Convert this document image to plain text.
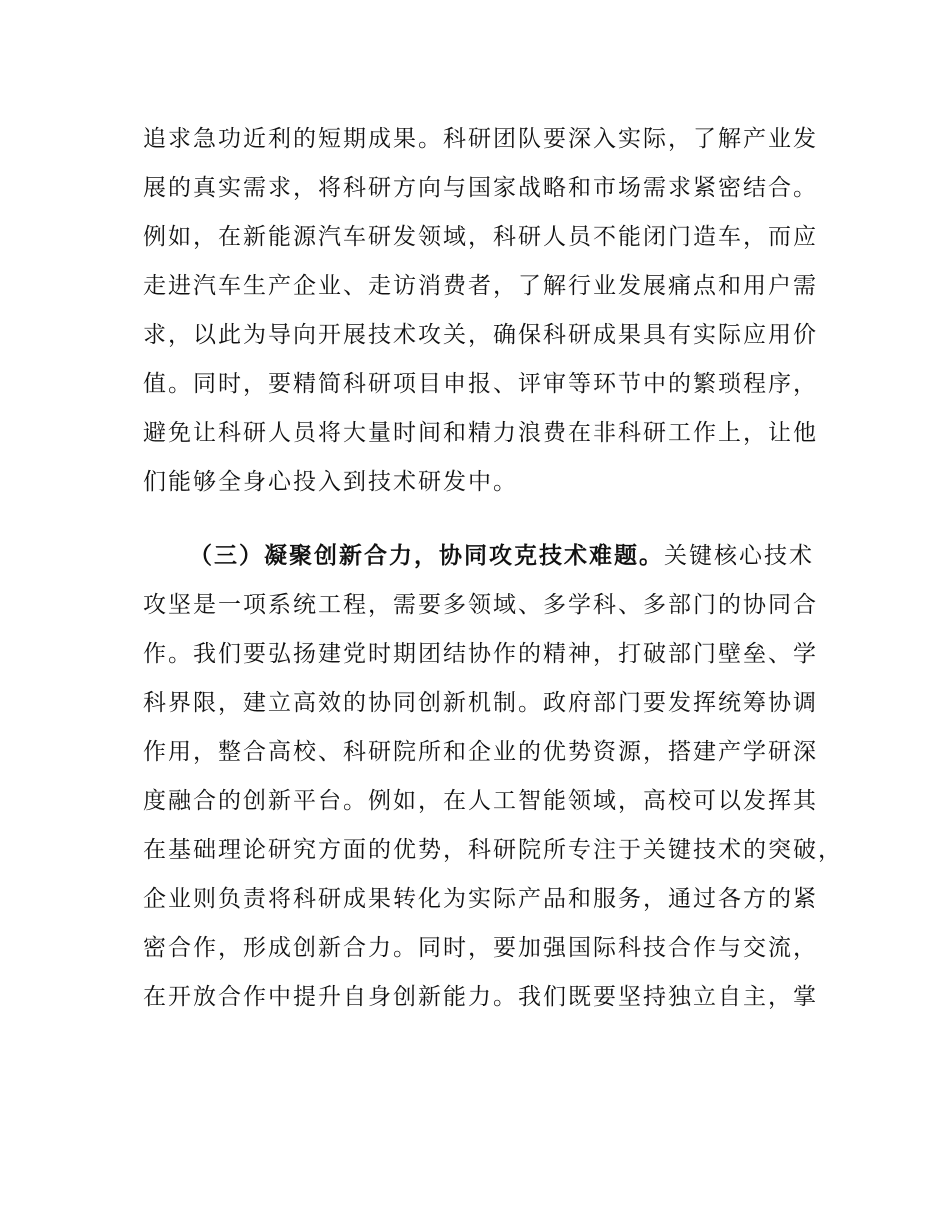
追求急功近利的短期成果。科研团队要深入实际，了解产业发
展的真实需求，将科研方向与国家战略和市场需求紧密结合。
例如，在新能源汽车研发领域，科研人员不能闭门造车，而应
走进汽车生产企业、走访消费者，了解行业发展痛点和用户需
求，以此为导向开展技术攻关，确保科研成果具有实际应用价
值。同时，要精简科研项目申报、评审等环节中的繁琐程序，
避免让科研人员将大量时间和精力浪费在非科研工作上，让他
们能够全身心投入到技术研发中。
（三）凝聚创新合力，协同攻克技术难题。关键核心技术
攻坚是一项系统工程，需要多领域、多学科、多部门的协同合
作。我们要弘扬建党时期团结协作的精神，打破部门壁垒、学
科界限，建立高效的协同创新机制。政府部门要发挥统筹协调
作用，整合高校、科研院所和企业的优势资源，搭建产学研深
度融合的创新平台。例如，在人工智能领域，高校可以发挥其
在基础理论研究方面的优势，科研院所专注于关键技术的突破，
企业则负责将科研成果转化为实际产品和服务，通过各方的紧
密合作，形成创新合力。同时，要加强国际科技合作与交流，
在开放合作中提升自身创新能力。我们既要坚持独立自主，掌
